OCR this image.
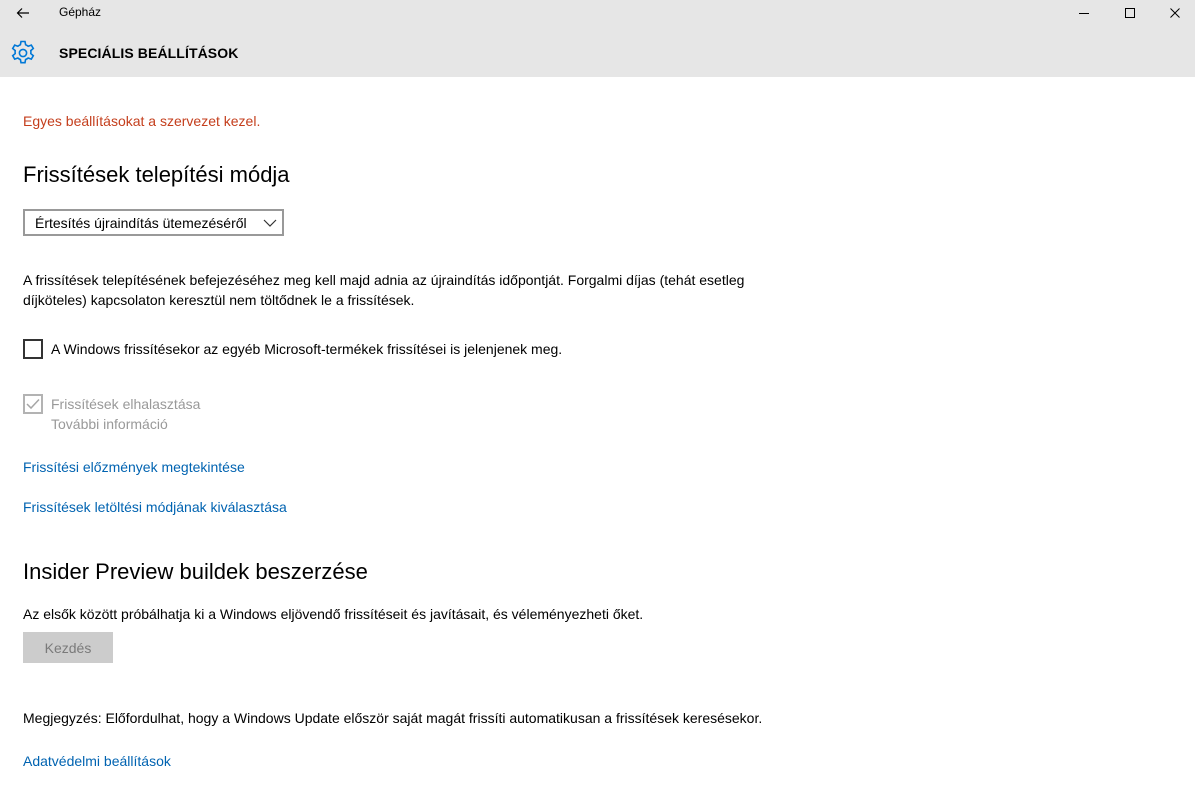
Gépház
SPECIÁLIS BEÁLLÍTÁSOK
Egyes beállításokat a szervezet kezel.
Frissítések telepítési módja
Értesítés újraindítás ütemezéséről
A frissítések telepítésének befejezéséhez meg kell majd adnia az újraindítás időpontját. Forgalmi díjas (tehát esetleg díjköteles) kapcsolaton keresztül nem töltődnek le a frissítések.
A Windows frissítésekor az egyéb Microsoft-termékek frissítései is jelenjenek meg.
Frissítések elhalasztása
További információ
Frissítési előzmények megtekintése
Frissítések letöltési módjának kiválasztása
Insider Preview buildek beszerzése
Az elsők között próbálhatja ki a Windows eljövendő frissítéseit és javításait, és véleményezheti őket.
Kezdés
Megjegyzés: Előfordulhat, hogy a Windows Update először saját magát frissíti automatikusan a frissítések keresésekor.
Adatvédelmi beállítások
